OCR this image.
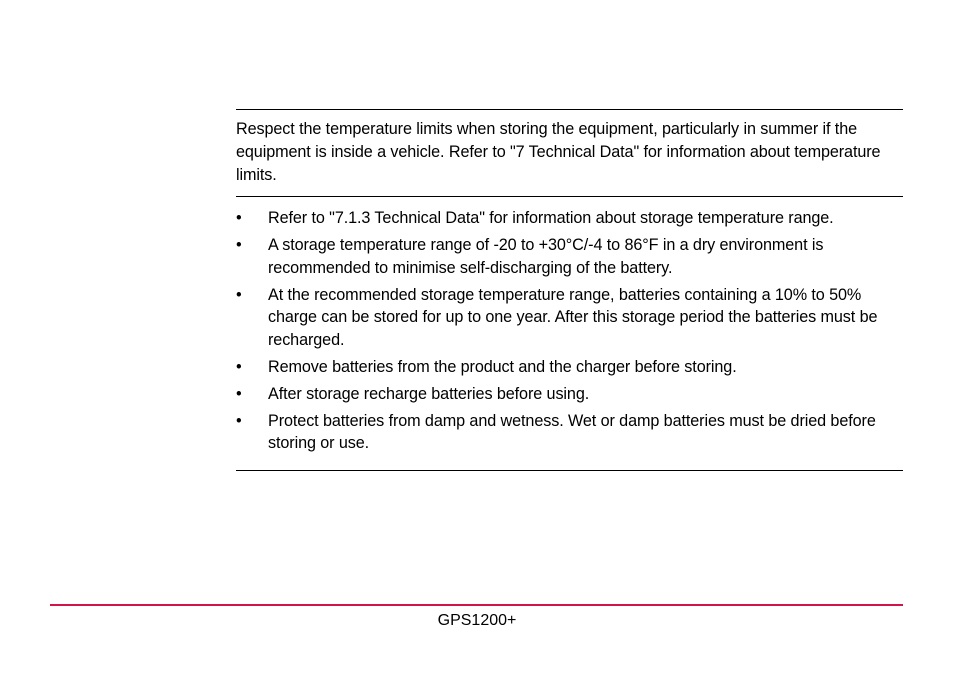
Respect the temperature limits when storing the equipment, particularly in summer if the equipment is inside a vehicle. Refer to "7 Technical Data" for information about temperature limits.
• Refer to "7.1.3 Technical Data" for information about storage temperature range.
• A storage temperature range of -20 to +30°C/-4 to 86°F in a dry environment is recommended to minimise self-discharging of the battery.
• At the recommended storage temperature range, batteries containing a 10% to 50% charge can be stored for up to one year. After this storage period the batteries must be recharged.
• Remove batteries from the product and the charger before storing.
• After storage recharge batteries before using.
• Protect batteries from damp and wetness. Wet or damp batteries must be dried before storing or use.
GPS1200+
